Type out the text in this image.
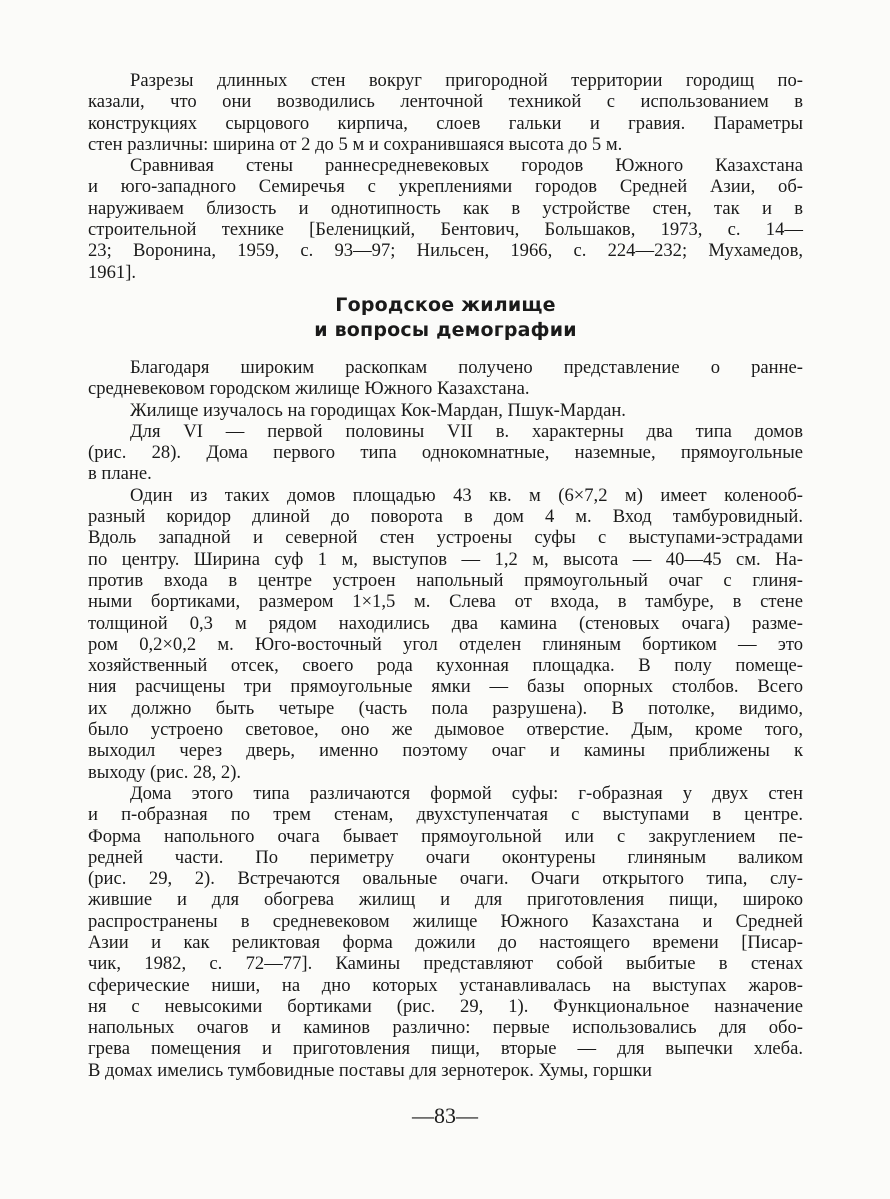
Разрезы длинных стен вокруг пригородной территории городищ по-
казали, что они возводились ленточной техникой с использованием в
конструкциях сырцового кирпича, слоев гальки и гравия. Параметры
стен различны: ширина от 2 до 5 м и сохранившаяся высота до 5 м.
Сравнивая стены раннесредневековых городов Южного Казахстана
и юго-западного Семиречья с укреплениями городов Средней Азии, об-
наруживаем близость и однотипность как в устройстве стен, так и в
строительной технике [Беленицкий, Бентович, Большаков, 1973, с. 14—
23; Воронина, 1959, с. 93—97; Нильсен, 1966, с. 224—232; Мухамедов,
1961].
Городское жилище
и вопросы демографии
Благодаря широким раскопкам получено представление о ранне-
средневековом городском жилище Южного Казахстана.
Жилище изучалось на городищах Кок-Мардан, Пшук-Мардан.
Для VI — первой половины VII в. характерны два типа домов
(рис. 28). Дома первого типа однокомнатные, наземные, прямоугольные
в плане.
Один из таких домов площадью 43 кв. м (6×7,2 м) имеет коленооб-
разный коридор длиной до поворота в дом 4 м. Вход тамбуровидный.
Вдоль западной и северной стен устроены суфы с выступами-эстрадами
по центру. Ширина суф 1 м, выступов — 1,2 м, высота — 40—45 см. На-
против входа в центре устроен напольный прямоугольный очаг с глиня-
ными бортиками, размером 1×1,5 м. Слева от входа, в тамбуре, в стене
толщиной 0,3 м рядом находились два камина (стеновых очага) разме-
ром 0,2×0,2 м. Юго-восточный угол отделен глиняным бортиком — это
хозяйственный отсек, своего рода кухонная площадка. В полу помеще-
ния расчищены три прямоугольные ямки — базы опорных столбов. Всего
их должно быть четыре (часть пола разрушена). В потолке, видимо,
было устроено световое, оно же дымовое отверстие. Дым, кроме того,
выходил через дверь, именно поэтому очаг и камины приближены к
выходу (рис. 28, 2).
Дома этого типа различаются формой суфы: г-образная у двух стен
и п-образная по трем стенам, двухступенчатая с выступами в центре.
Форма напольного очага бывает прямоугольной или с закруглением пе-
редней части. По периметру очаги оконтурены глиняным валиком
(рис. 29, 2). Встречаются овальные очаги. Очаги открытого типа, слу-
жившие и для обогрева жилищ и для приготовления пищи, широко
распространены в средневековом жилище Южного Казахстана и Средней
Азии и как реликтовая форма дожили до настоящего времени [Писар-
чик, 1982, с. 72—77]. Камины представляют собой выбитые в стенах
сферические ниши, на дно которых устанавливалась на выступах жаров-
ня с невысокими бортиками (рис. 29, 1). Функциональное назначение
напольных очагов и каминов различно: первые использовались для обо-
грева помещения и приготовления пищи, вторые — для выпечки хлеба.
В домах имелись тумбовидные поставы для зернотерок. Хумы, горшки
—83—
